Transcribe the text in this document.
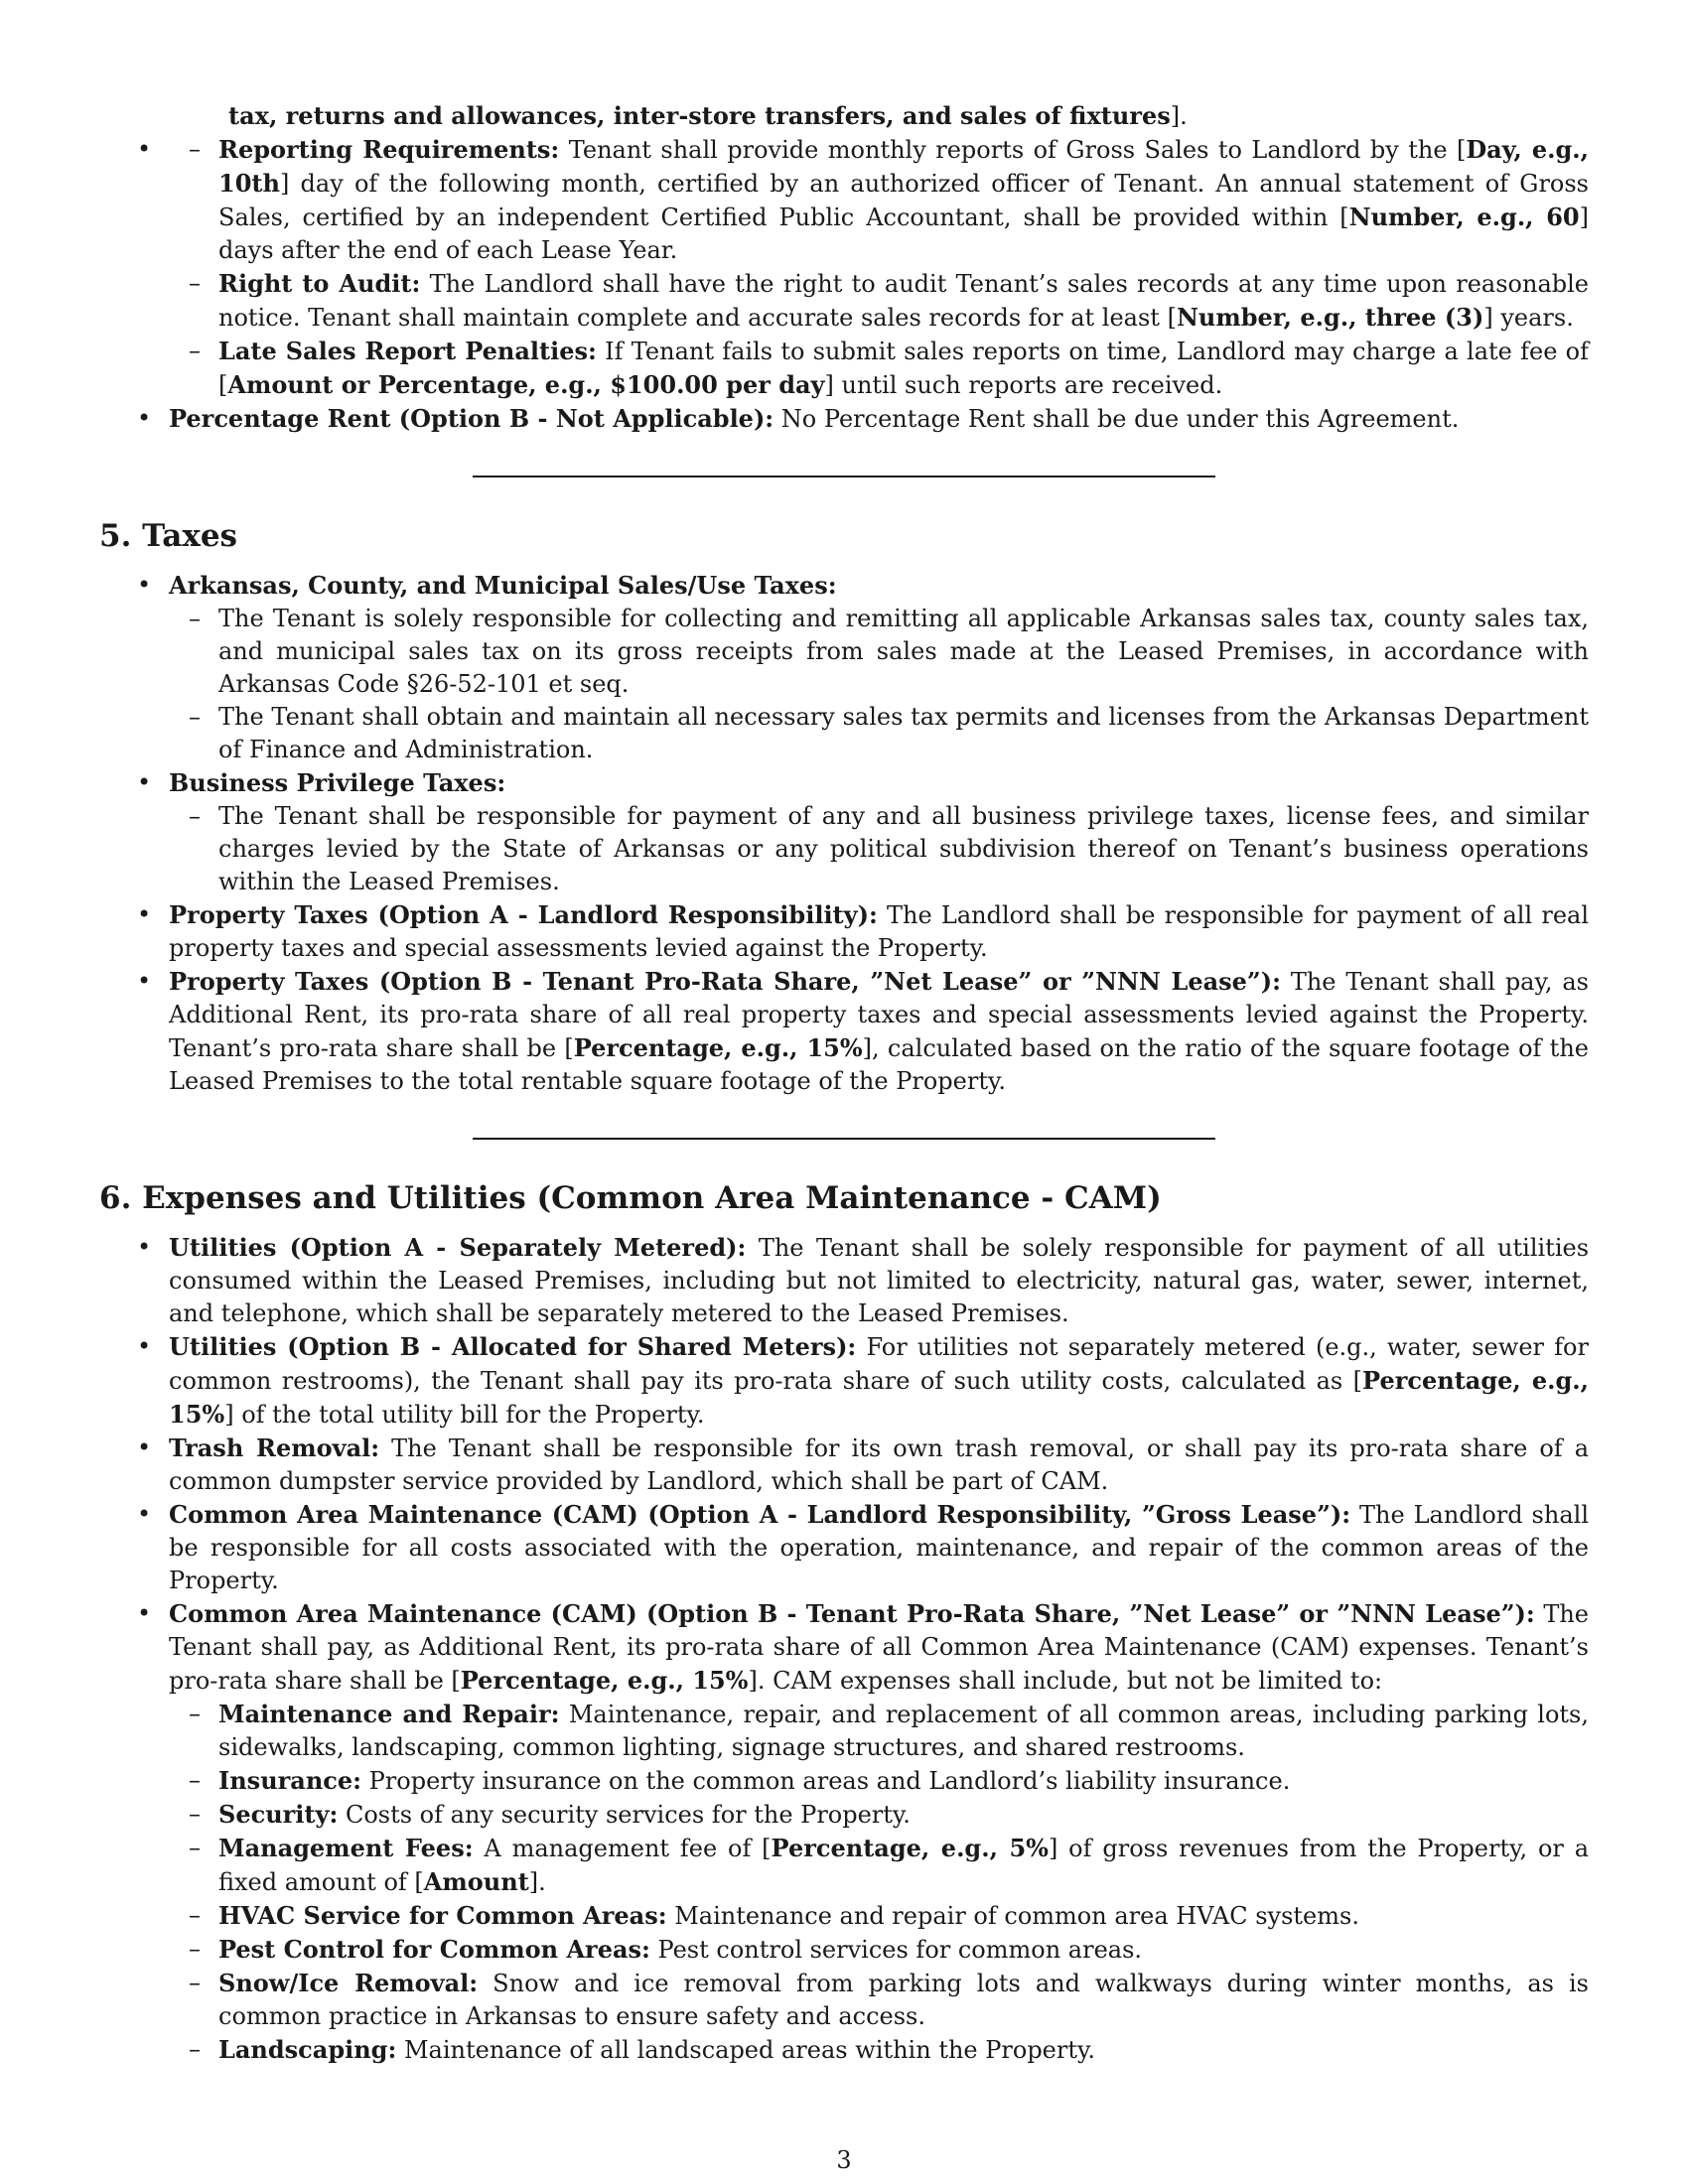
tax, returns and allowances, inter-store transfers, and sales of fixtures].
– • Reporting Requirements: Tenant shall provide monthly reports of Gross Sales to Landlord by the [Day, e.g., 10th] day of the following month, certified by an authorized officer of Tenant. An annual statement of Gross Sales, certified by an independent Certified Public Accountant, shall be provided within [Number, e.g., 60] days after the end of each Lease Year.
– Right to Audit: The Landlord shall have the right to audit Tenant’s sales records at any time upon reasonable notice. Tenant shall maintain complete and accurate sales records for at least [Number, e.g., three (3)] years.
– Late Sales Report Penalties: If Tenant fails to submit sales reports on time, Landlord may charge a late fee of [Amount or Percentage, e.g., $100.00 per day] until such reports are received.
• Percentage Rent (Option B - Not Applicable): No Percentage Rent shall be due under this Agreement.
5. Taxes
• Arkansas, County, and Municipal Sales/Use Taxes:
– The Tenant is solely responsible for collecting and remitting all applicable Arkansas sales tax, county sales tax, and municipal sales tax on its gross receipts from sales made at the Leased Premises, in accordance with Arkansas Code §26-52-101 et seq.
– The Tenant shall obtain and maintain all necessary sales tax permits and licenses from the Arkansas Department of Finance and Administration.
• Business Privilege Taxes:
– The Tenant shall be responsible for payment of any and all business privilege taxes, license fees, and similar charges levied by the State of Arkansas or any political subdivision thereof on Tenant’s business operations within the Leased Premises.
• Property Taxes (Option A - Landlord Responsibility): The Landlord shall be responsible for payment of all real property taxes and special assessments levied against the Property.
• Property Taxes (Option B - Tenant Pro-Rata Share, ”Net Lease” or ”NNN Lease”): The Tenant shall pay, as Additional Rent, its pro-rata share of all real property taxes and special assessments levied against the Property. Tenant’s pro-rata share shall be [Percentage, e.g., 15%], calculated based on the ratio of the square footage of the Leased Premises to the total rentable square footage of the Property.
6. Expenses and Utilities (Common Area Maintenance - CAM)
• Utilities (Option A - Separately Metered): The Tenant shall be solely responsible for payment of all utilities consumed within the Leased Premises, including but not limited to electricity, natural gas, water, sewer, internet, and telephone, which shall be separately metered to the Leased Premises.
• Utilities (Option B - Allocated for Shared Meters): For utilities not separately metered (e.g., water, sewer for common restrooms), the Tenant shall pay its pro-rata share of such utility costs, calculated as [Percentage, e.g., 15%] of the total utility bill for the Property.
• Trash Removal: The Tenant shall be responsible for its own trash removal, or shall pay its pro-rata share of a common dumpster service provided by Landlord, which shall be part of CAM.
• Common Area Maintenance (CAM) (Option A - Landlord Responsibility, ”Gross Lease”): The Landlord shall be responsible for all costs associated with the operation, maintenance, and repair of the common areas of the Property.
• Common Area Maintenance (CAM) (Option B - Tenant Pro-Rata Share, ”Net Lease” or ”NNN Lease”): The Tenant shall pay, as Additional Rent, its pro-rata share of all Common Area Maintenance (CAM) expenses. Tenant’s pro-rata share shall be [Percentage, e.g., 15%]. CAM expenses shall include, but not be limited to:
– Maintenance and Repair: Maintenance, repair, and replacement of all common areas, including parking lots, sidewalks, landscaping, common lighting, signage structures, and shared restrooms.
– Insurance: Property insurance on the common areas and Landlord’s liability insurance.
– Security: Costs of any security services for the Property.
– Management Fees: A management fee of [Percentage, e.g., 5%] of gross revenues from the Property, or a fixed amount of [Amount].
– HVAC Service for Common Areas: Maintenance and repair of common area HVAC systems.
– Pest Control for Common Areas: Pest control services for common areas.
– Snow/Ice Removal: Snow and ice removal from parking lots and walkways during winter months, as is common practice in Arkansas to ensure safety and access.
– Landscaping: Maintenance of all landscaped areas within the Property.
3
